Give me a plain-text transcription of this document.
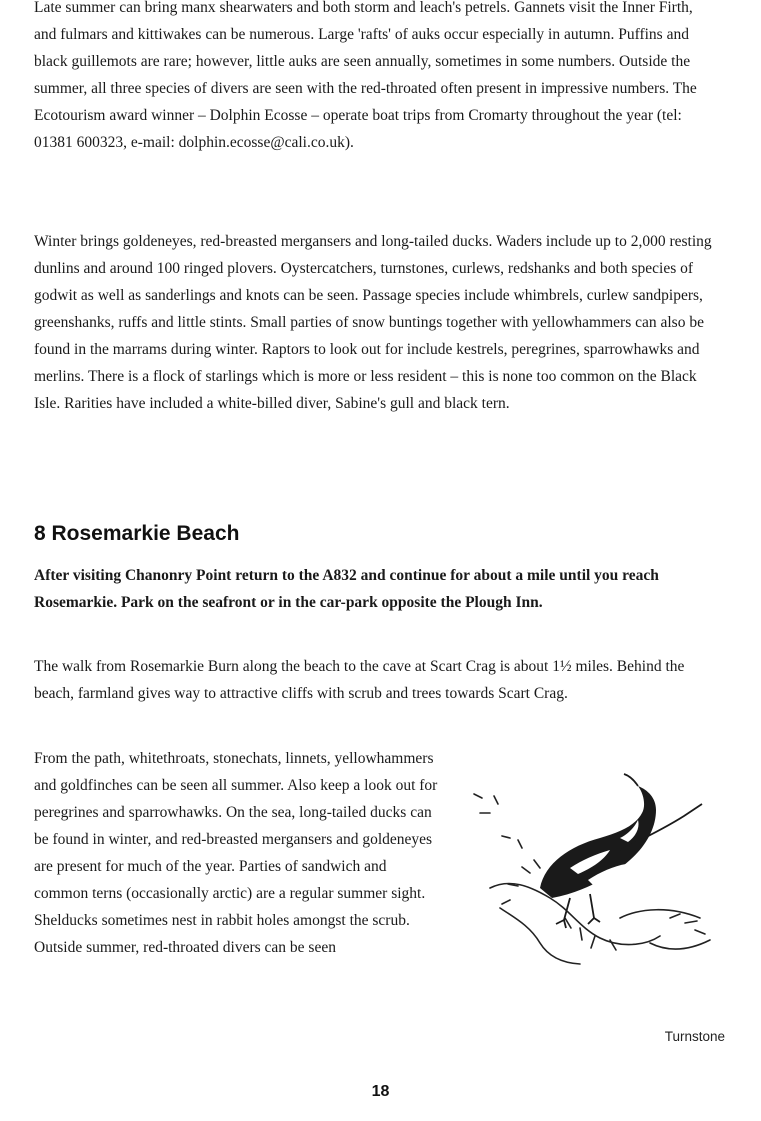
Late summer can bring manx shearwaters and both storm and leach's petrels. Gannets visit the Inner Firth, and fulmars and kittiwakes can be numerous. Large 'rafts' of auks occur especially in autumn. Puffins and black guillemots are rare; however, little auks are seen annually, sometimes in some numbers. Outside the summer, all three species of divers are seen with the red-throated often present in impressive numbers. The Ecotourism award winner – Dolphin Ecosse – operate boat trips from Cromarty throughout the year (tel: 01381 600323, e-mail: dolphin.ecosse@cali.co.uk).

Winter brings goldeneyes, red-breasted mergansers and long-tailed ducks. Waders include up to 2,000 resting dunlins and around 100 ringed plovers. Oystercatchers, turnstones, curlews, redshanks and both species of godwit as well as sanderlings and knots can be seen. Passage species include whimbrels, curlew sandpipers, greenshanks, ruffs and little stints. Small parties of snow buntings together with yellowhammers can also be found in the marrams during winter. Raptors to look out for include kestrels, peregrines, sparrowhawks and merlins. There is a flock of starlings which is more or less resident – this is none too common on the Black Isle. Rarities have included a white-billed diver, Sabine's gull and black tern.

8 Rosemarkie Beach

After visiting Chanonry Point return to the A832 and continue for about a mile until you reach Rosemarkie. Park on the seafront or in the car-park opposite the Plough Inn.

The walk from Rosemarkie Burn along the beach to the cave at Scart Crag is about 1½ miles. Behind the beach, farmland gives way to attractive cliffs with scrub and trees towards Scart Crag.

From the path, whitethroats, stonechats, linnets, yellowhammers and goldfinches can be seen all summer. Also keep a look out for peregrines and sparrowhawks. On the sea, long-tailed ducks can be found in winter, and red-breasted mergansers and goldeneyes are present for much of the year. Parties of sandwich and common terns (occasionally arctic) are a regular summer sight. Shelducks sometimes nest in rabbit holes amongst the scrub. Outside summer, red-throated divers can be seen

Turnstone
18
